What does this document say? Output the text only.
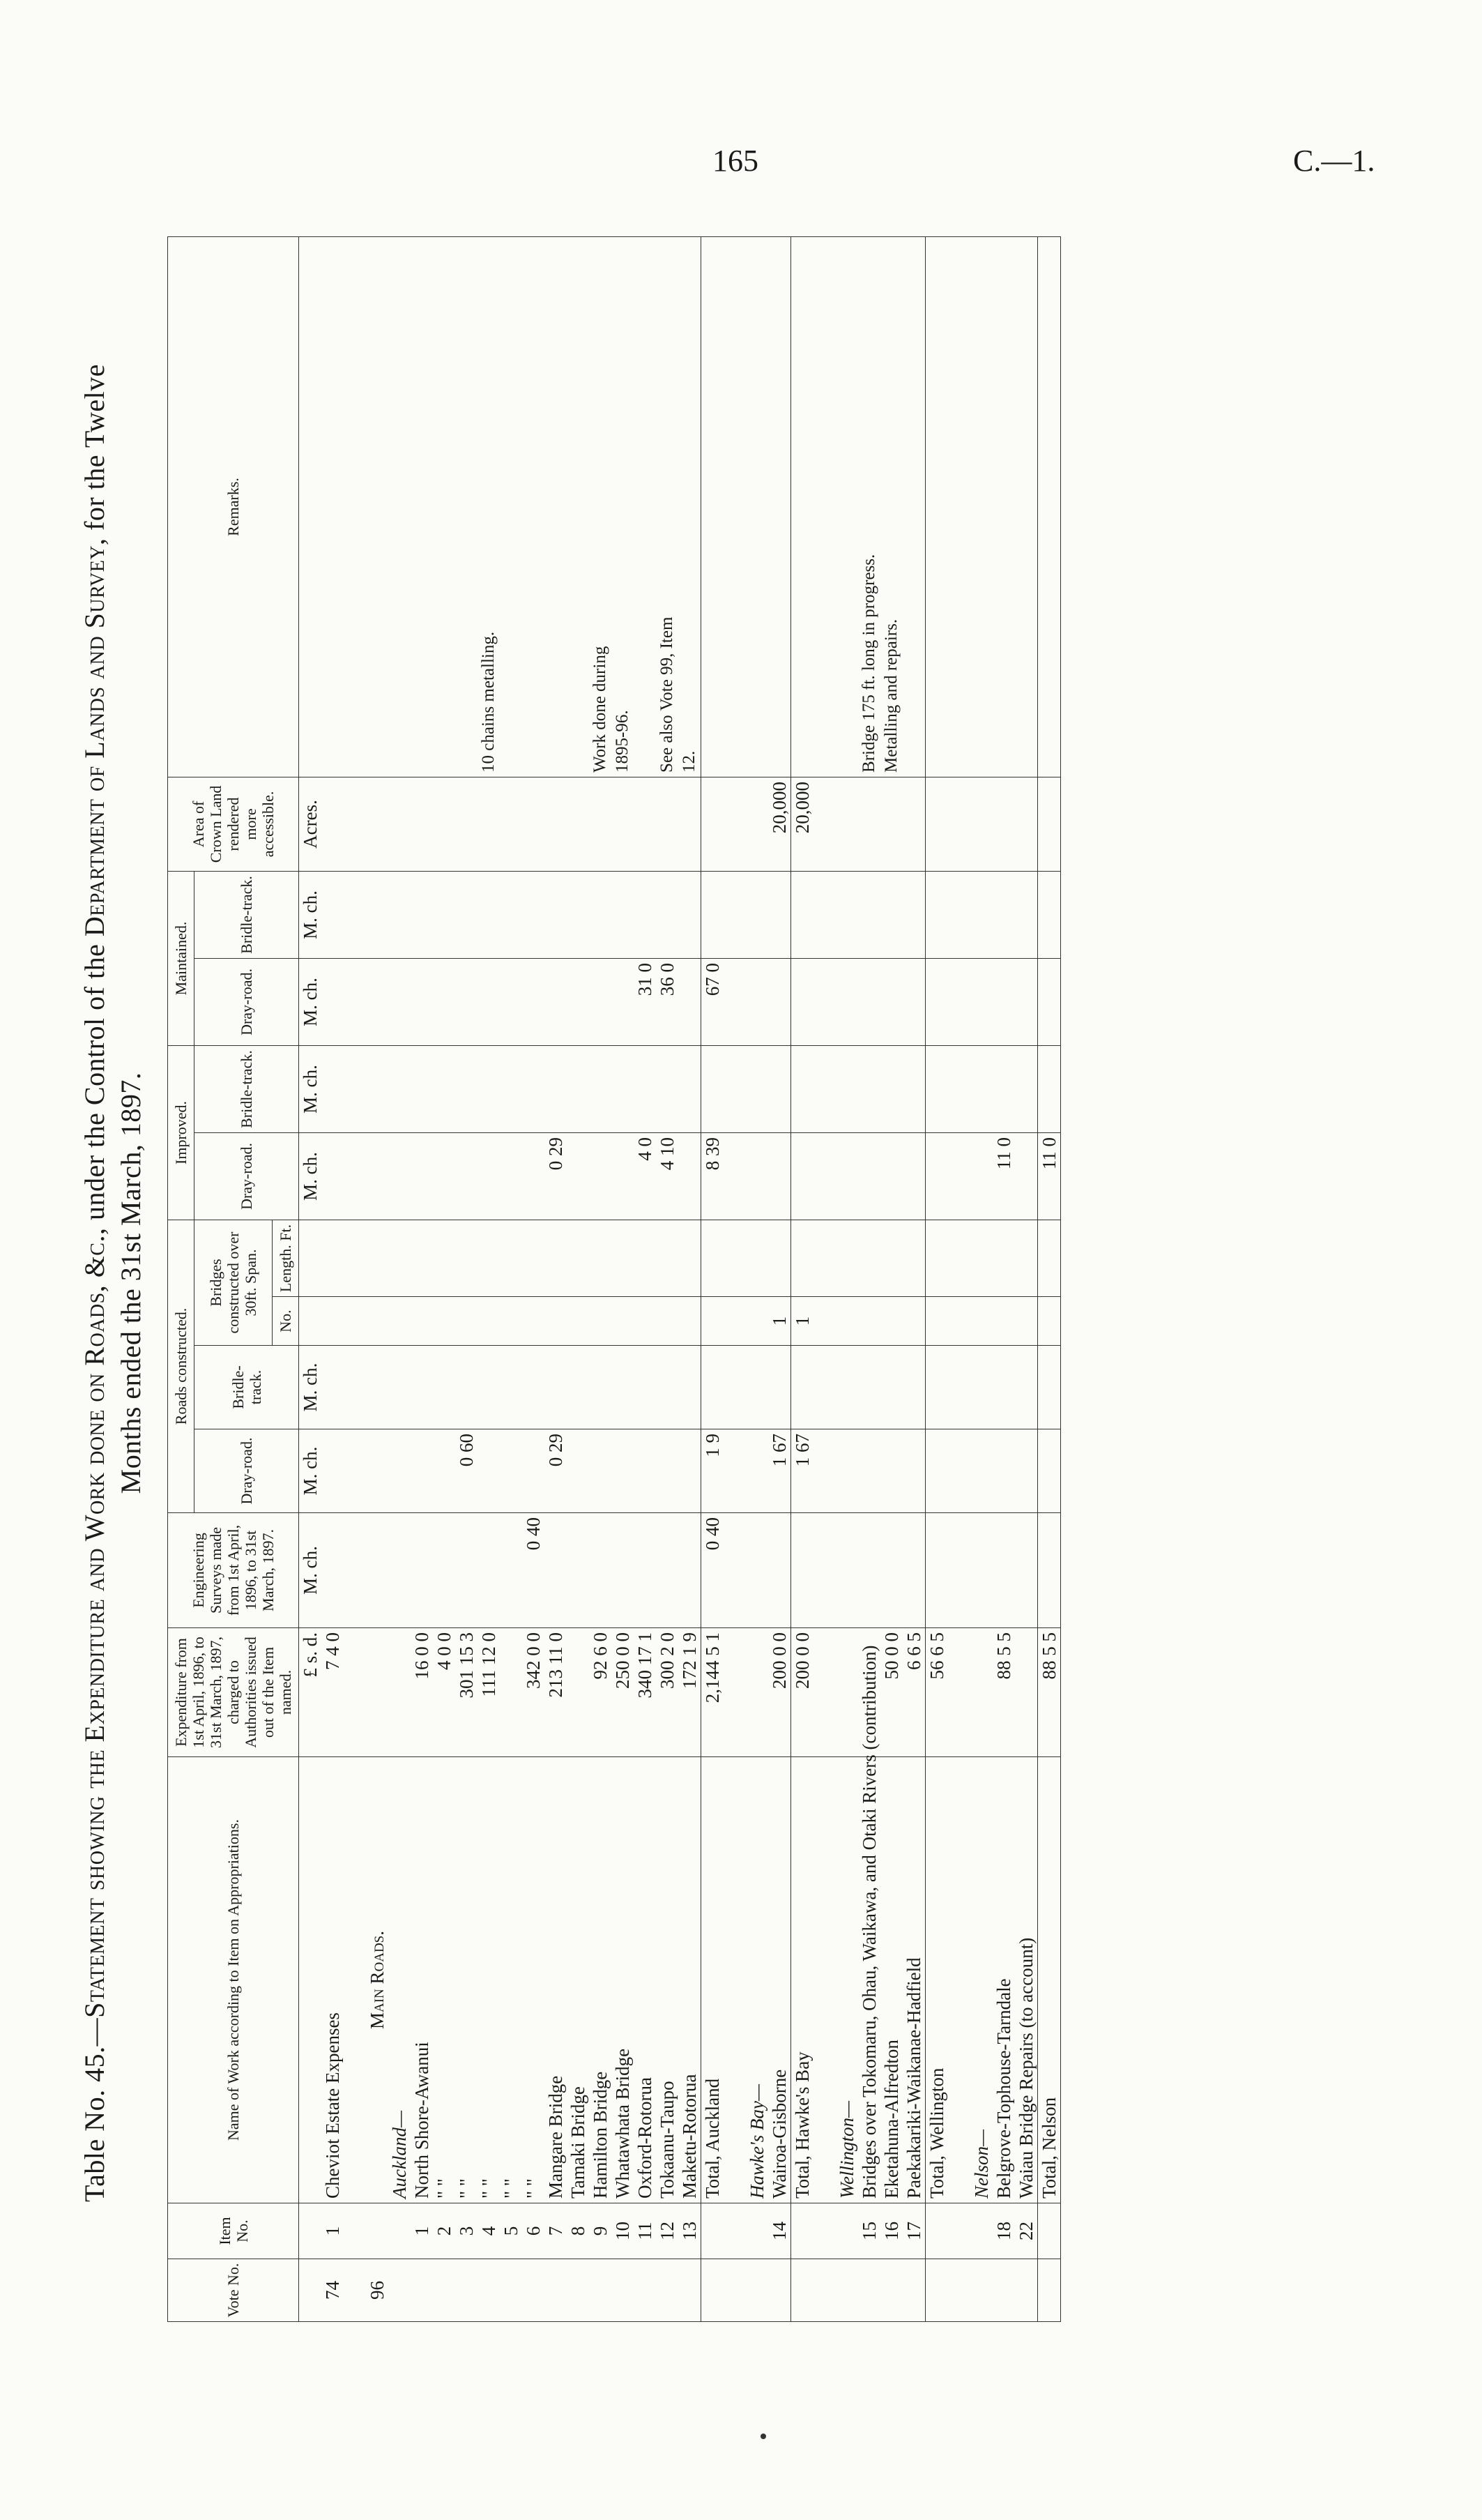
165	C.—1.
Table No. 45.—Statement showing the Expenditure and Work done on Roads, &c., under the Control of the Department of Lands and Survey, for the Twelve
Months ended the 31st March, 1897.
Vote No.	Item No.	Name of Work according to Item on Appropriations.	Expenditure from 1st April, 1896, to 31st March, 1897, charged to Authorities issued out of the Item named.	Engineering Surveys made from 1st April, 1896, to 31st March, 1897.	Roads constructed.				Improved.		Maintained.		Area of Crown Land rendered more accessible.	Remarks.
					Dray-road.	Bridle-track.	Bridges constructed over 30ft. Span.		Dray-road.	Bridle-track.	Dray-road.	Bridle-track.		
							No.	Length. Ft.						
			£ s. d.	M. ch.	M. ch.	M. ch.			M. ch.	M. ch.	M. ch.	M. ch.	Acres.	
74	1	Cheviot Estate Expenses	7 4 0											

96		Main Roads.												
		Auckland—												
	1	North Shore-Awanui	16 0 0											
	2	" "	4 0 0											
	3	" "	301 15 3		0 60									
	4	" "	111 12 0											10 chains metalling.
	5	" "												
	6	" "	342 0 0	0 40										
	7	Mangare Bridge	213 11 0		0 29				0 29					
	8	Tamaki Bridge												
	9	Hamilton Bridge	92 6 0											Work done during
	10	Whatawhata Bridge	250 0 0											1895-96.
	11	Oxford-Rotorua	340 17 1						4 0		31 0			
	12	Tokaanu-Taupo	300 2 0						4 10		36 0			See also Vote 99, Item
	13	Maketu-Rotorua	172 1 9											12.
		Total, Auckland	2,144 5 1	0 40	1 9				8 39		67 0			

		Hawke's Bay—												
	14	Wairoa-Gisborne	200 0 0		1 67		1						20,000	
		Total, Hawke's Bay	200 0 0		1 67		1						20,000	

		Wellington—												
	15	Bridges over Tokomaru, Ohau, Waikawa, and Otaki Rivers (contribution)												Bridge 175 ft. long in progress.
	16	Eketahuna-Alfredton	50 0 0											Metalling and repairs.
	17	Paekakariki-Waikanae-Hadfield	6 6 5											
		Total, Wellington	56 6 5											

		Nelson—												
	18	Belgrove-Tophouse-Tarndale	88 5 5						11 0					
	22	Waiau Bridge Repairs (to account)												
		Total, Nelson	88 5 5						11 0					
